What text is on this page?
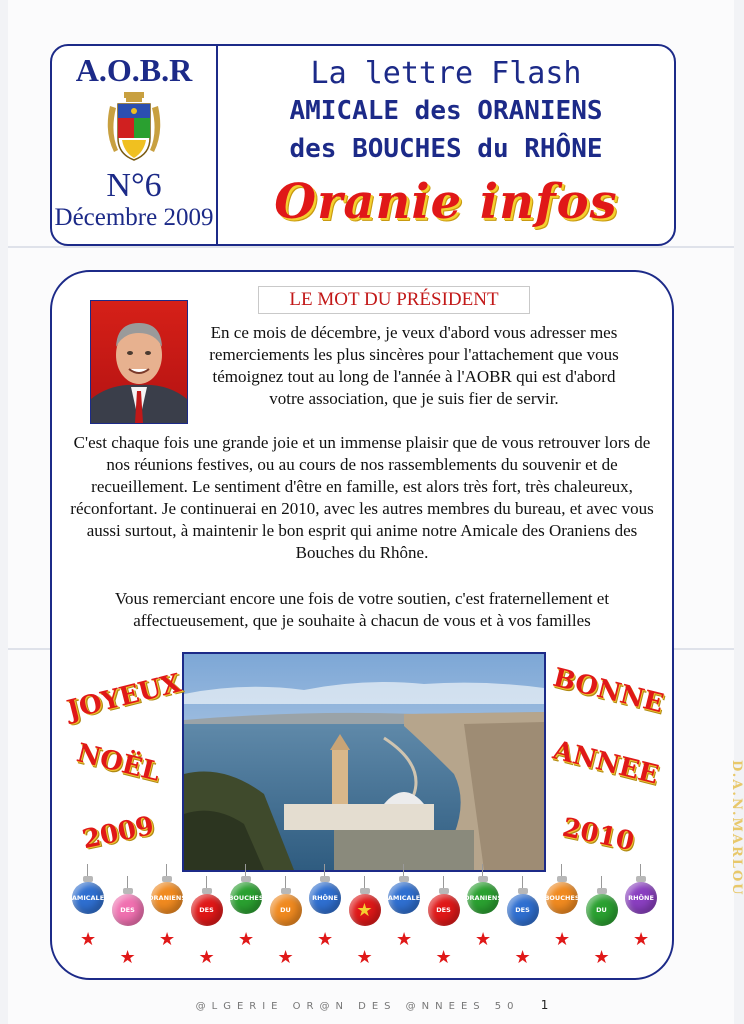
A.O.B.R
N°6
Décembre 2009
La lettre Flash
AMICALE des ORANIENS
des BOUCHES du RHÔNE
Oranie infos
LE MOT DU PRÉSIDENT

En ce mois de décembre, je veux d'abord vous adresser mes remerciements les plus sincères pour l'attachement que vous témoignez tout au long de l'année à l'AOBR qui est d'abord votre association, que je suis fier de servir.

C'est chaque fois une grande joie et un immense plaisir que de vous retrouver lors de nos réunions festives, ou au cours de nos rassemblements du souvenir et de recueillement. Le sentiment d'être en famille, est alors très fort, très chaleureux, réconfortant. Je continuerai en 2010, avec les autres membres du bureau, et avec vous aussi surtout, à maintenir le bon esprit qui anime notre Amicale des Oraniens des Bouches du Rhône.

Vous remerciant encore une fois de votre soutien, c'est fraternellement et affectueusement, que je souhaite à chacun de vous et à vos familles

JOYEUX
NOËL
2009
BONNE
ANNEE
2010
AMICALE
★
DES
★
ORANIENS
★
DES
★
BOUCHES
★
DU
★
RHÔNE
★
★
★
AMICALE
★
DES
★
ORANIENS
★
DES
★
BOUCHES
★
DU
★
RHÔNE
★
D.A.N.MARLOU
@LGERIE OR@N DES @NNEES 50 1
